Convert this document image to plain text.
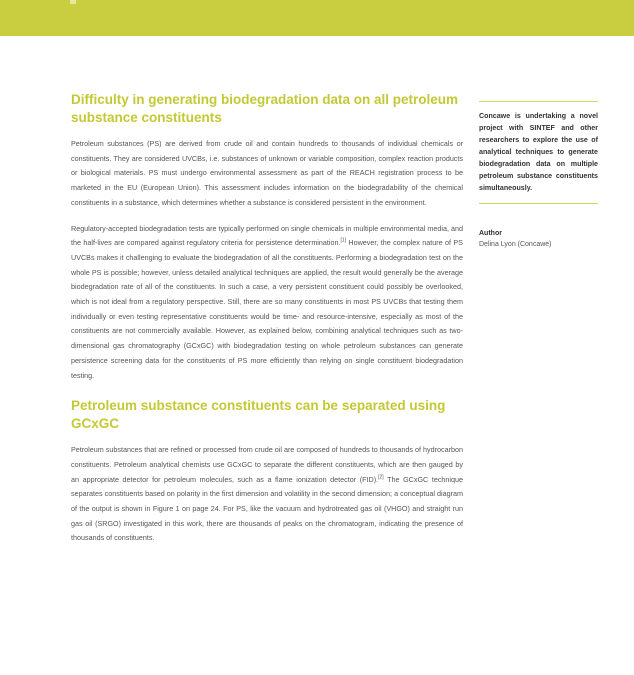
Difficulty in generating biodegradation data on all petroleum substance constituents

Petroleum substances (PS) are derived from crude oil and contain hundreds to thousands of individual chemicals or constituents. They are considered UVCBs, i.e. substances of unknown or variable composition, complex reaction products or biological materials. PS must undergo environmental assessment as part of the REACH registration process to be marketed in the EU (European Union). This assessment includes information on the biodegradability of the chemical constituents in a substance, which determines whether a substance is considered persistent in the environment.

Regulatory-accepted biodegradation tests are typically performed on single chemicals in multiple environmental media, and the half-lives are compared against regulatory criteria for persistence determination.[1] However, the complex nature of PS UVCBs makes it challenging to evaluate the biodegradation of all the constituents. Performing a biodegradation test on the whole PS is possible; however, unless detailed analytical techniques are applied, the result would generally be the average biodegradation rate of all of the constituents. In such a case, a very persistent constituent could possibly be overlooked, which is not ideal from a regulatory perspective. Still, there are so many constituents in most PS UVCBs that testing them individually or even testing representative constituents would be time- and resource-intensive, especially as most of the constituents are not commercially available. However, as explained below, combining analytical techniques such as two-dimensional gas chromatography (GCxGC) with biodegradation testing on whole petroleum substances can generate persistence screening data for the constituents of PS more efficiently than relying on single constituent biodegradation testing.

Petroleum substance constituents can be separated using GCxGC

Petroleum substances that are refined or processed from crude oil are composed of hundreds to thousands of hydrocarbon constituents. Petroleum analytical chemists use GCxGC to separate the different constituents, which are then gauged by an appropriate detector for petroleum molecules, such as a flame ionization detector (FID).[2] The GCxGC technique separates constituents based on polarity in the first dimension and volatility in the second dimension; a conceptual diagram of the output is shown in Figure 1 on page 24. For PS, like the vacuum and hydrotreated gas oil (VHGO) and straight run gas oil (SRGO) investigated in this work, there are thousands of peaks on the chromatogram, indicating the presence of thousands of constituents.

Concawe is undertaking a novel project with SINTEF and other researchers to explore the use of analytical techniques to generate biodegradation data on multiple petroleum substance constituents simultaneously.

Author
Delina Lyon (Concawe)
